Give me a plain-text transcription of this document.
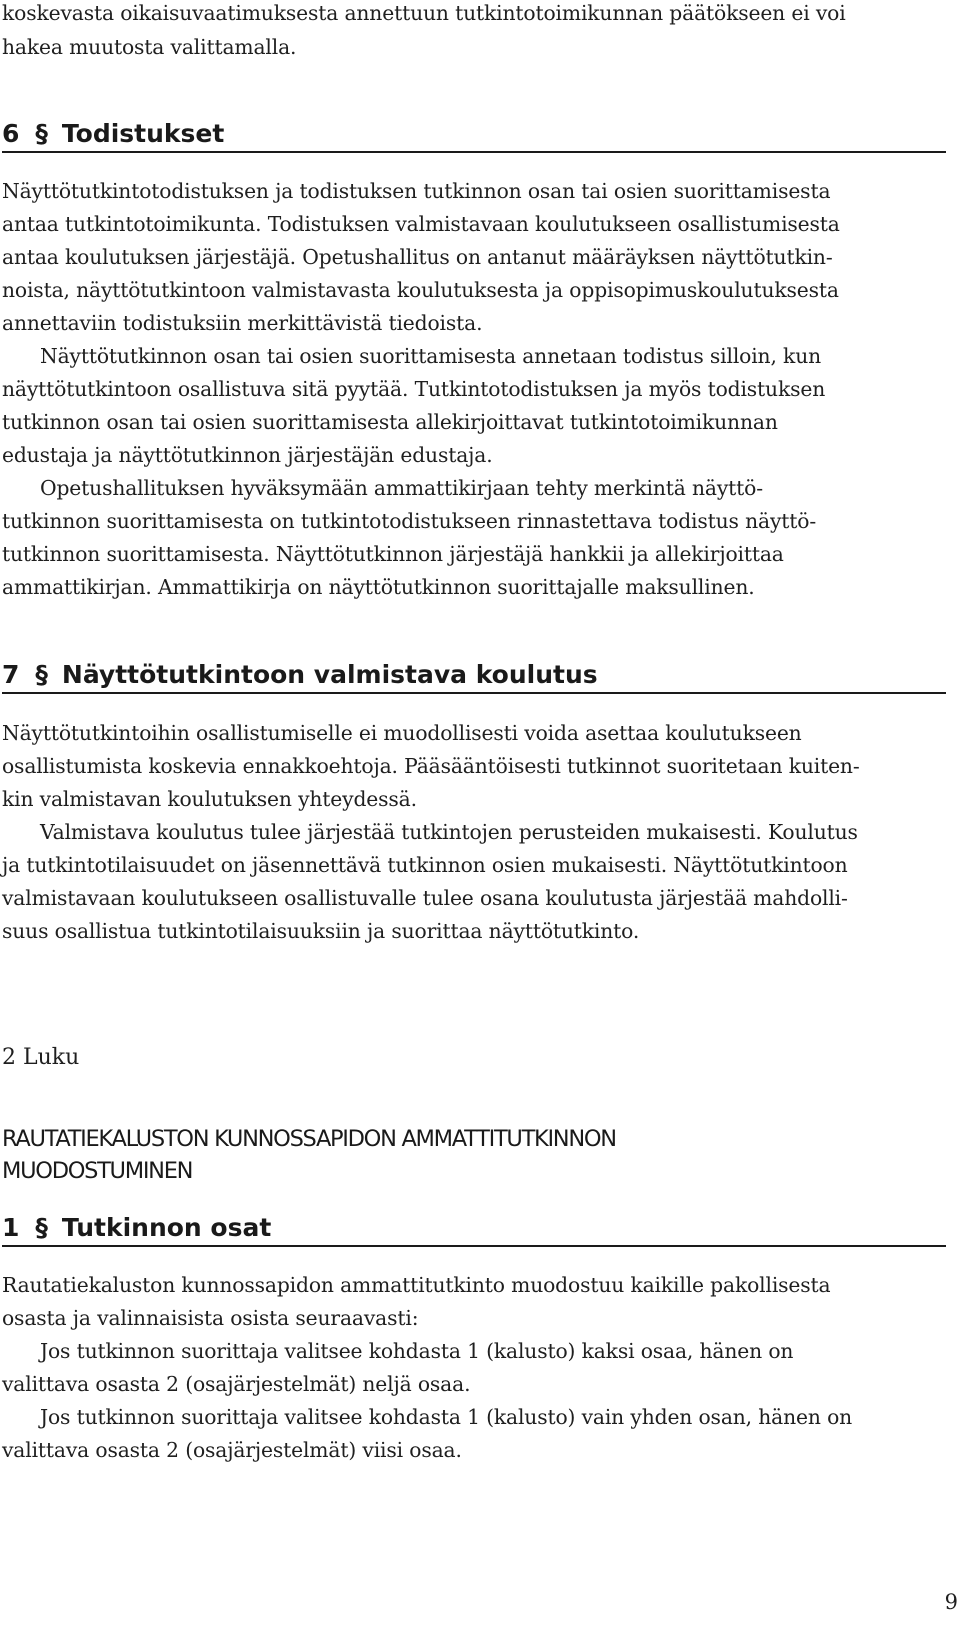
koskevasta oikaisuvaatimuksesta annettuun tutkintotoimikunnan päätökseen ei voi
hakea muutosta valittamalla.
6 § Todistukset
Näyttötutkintotodistuksen ja todistuksen tutkinnon osan tai osien suorittamisesta
antaa tutkintotoimikunta. Todistuksen valmistavaan koulutukseen osallistumisesta
antaa koulutuksen järjestäjä. Opetushallitus on antanut määräyksen näyttötutkin-
noista, näyttötutkintoon valmistavasta koulutuksesta ja oppisopimuskoulutuksesta
annettaviin todistuksiin merkittävistä tiedoista.
Näyttötutkinnon osan tai osien suorittamisesta annetaan todistus silloin, kun
näyttötutkintoon osallistuva sitä pyytää. Tutkintotodistuksen ja myös todistuksen
tutkinnon osan tai osien suorittamisesta allekirjoittavat tutkintotoimikunnan
edustaja ja näyttötutkinnon järjestäjän edustaja.
Opetushallituksen hyväksymään ammattikirjaan tehty merkintä näyttö-
tutkinnon suorittamisesta on tutkintotodistukseen rinnastettava todistus näyttö-
tutkinnon suorittamisesta. Näyttötutkinnon järjestäjä hankkii ja allekirjoittaa
ammattikirjan. Ammattikirja on näyttötutkinnon suorittajalle maksullinen.
7 § Näyttötutkintoon valmistava koulutus
Näyttötutkintoihin osallistumiselle ei muodollisesti voida asettaa koulutukseen
osallistumista koskevia ennakkoehtoja. Pääsääntöisesti tutkinnot suoritetaan kuiten-
kin valmistavan koulutuksen yhteydessä.
Valmistava koulutus tulee järjestää tutkintojen perusteiden mukaisesti. Koulutus
ja tutkintotilaisuudet on jäsennettävä tutkinnon osien mukaisesti. Näyttötutkintoon
valmistavaan koulutukseen osallistuvalle tulee osana koulutusta järjestää mahdolli-
suus osallistua tutkintotilaisuuksiin ja suorittaa näyttötutkinto.
2 Luku
RAUTATIEKALUSTON KUNNOSSAPIDON AMMATTITUTKINNON
MUODOSTUMINEN
1 § Tutkinnon osat
Rautatiekaluston kunnossapidon ammattitutkinto muodostuu kaikille pakollisesta
osasta ja valinnaisista osista seuraavasti:
Jos tutkinnon suorittaja valitsee kohdasta 1 (kalusto) kaksi osaa, hänen on
valittava osasta 2 (osajärjestelmät) neljä osaa.
Jos tutkinnon suorittaja valitsee kohdasta 1 (kalusto) vain yhden osan, hänen on
valittava osasta 2 (osajärjestelmät) viisi osaa.
9
